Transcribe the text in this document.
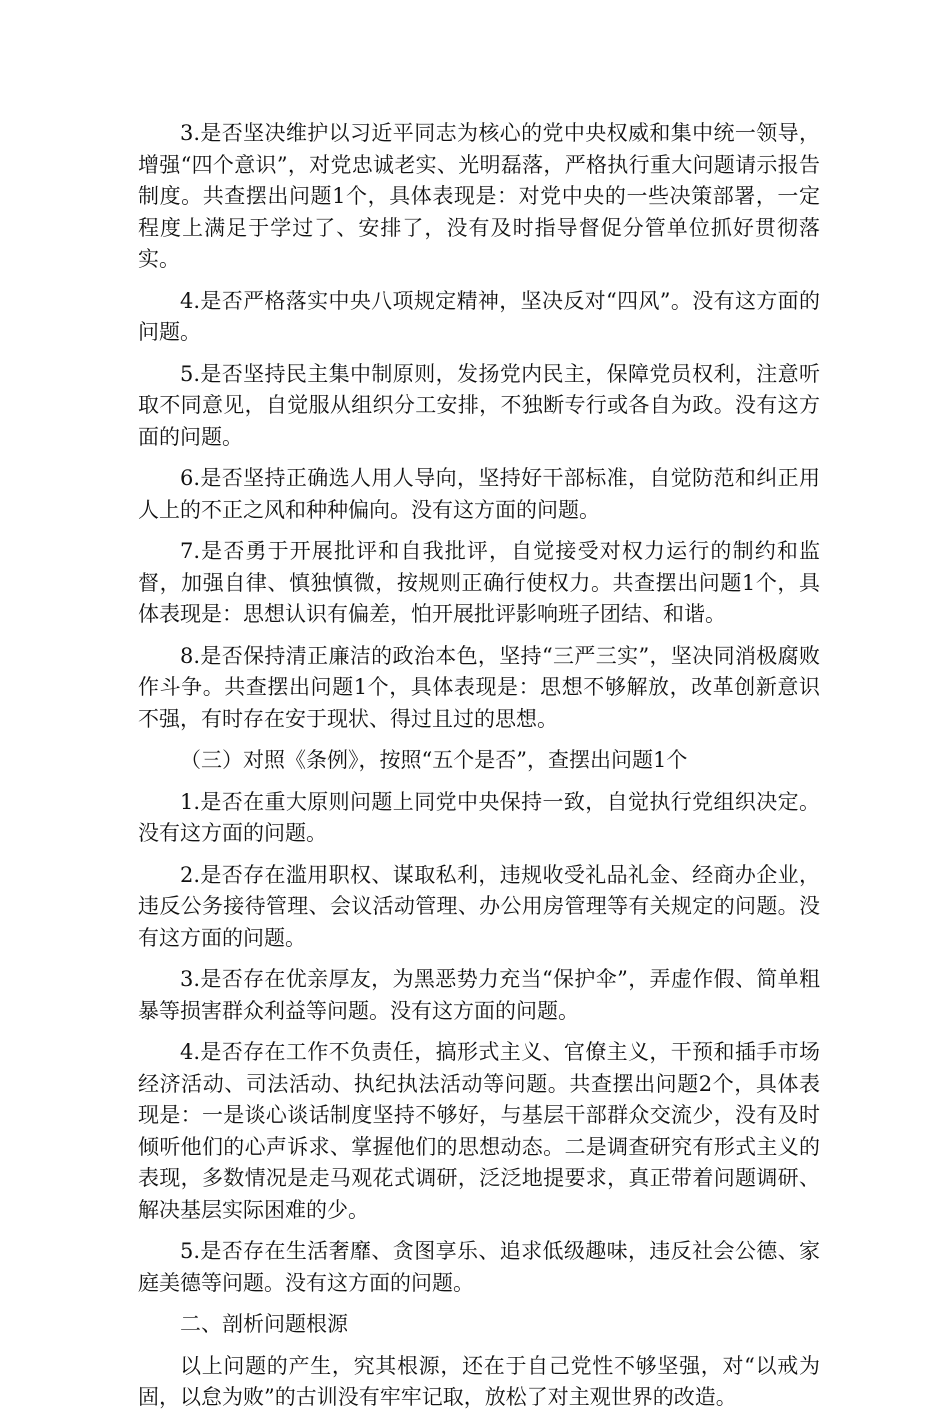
3.是否坚决维护以习近平同志为核心的党中央权威和集中统一领导，增强“四个意识”，对党忠诚老实、光明磊落，严格执行重大问题请示报告制度。共查摆出问题1个，具体表现是：对党中央的一些决策部署，一定程度上满足于学过了、安排了，没有及时指导督促分管单位抓好贯彻落实。

4.是否严格落实中央八项规定精神，坚决反对“四风”。没有这方面的问题。

5.是否坚持民主集中制原则，发扬党内民主，保障党员权利，注意听取不同意见，自觉服从组织分工安排，不独断专行或各自为政。没有这方面的问题。

6.是否坚持正确选人用人导向，坚持好干部标准，自觉防范和纠正用人上的不正之风和种种偏向。没有这方面的问题。

7.是否勇于开展批评和自我批评，自觉接受对权力运行的制约和监督，加强自律、慎独慎微，按规则正确行使权力。共查摆出问题1个，具体表现是：思想认识有偏差，怕开展批评影响班子团结、和谐。

8.是否保持清正廉洁的政治本色，坚持“三严三实”，坚决同消极腐败作斗争。共查摆出问题1个，具体表现是：思想不够解放，改革创新意识不强，有时存在安于现状、得过且过的思想。

（三）对照《条例》，按照“五个是否”，查摆出问题1个

1.是否在重大原则问题上同党中央保持一致，自觉执行党组织决定。没有这方面的问题。

2.是否存在滥用职权、谋取私利，违规收受礼品礼金、经商办企业，违反公务接待管理、会议活动管理、办公用房管理等有关规定的问题。没有这方面的问题。

3.是否存在优亲厚友，为黑恶势力充当“保护伞”，弄虚作假、简单粗暴等损害群众利益等问题。没有这方面的问题。

4.是否存在工作不负责任，搞形式主义、官僚主义，干预和插手市场经济活动、司法活动、执纪执法活动等问题。共查摆出问题2个，具体表现是：一是谈心谈话制度坚持不够好，与基层干部群众交流少，没有及时倾听他们的心声诉求、掌握他们的思想动态。二是调查研究有形式主义的表现，多数情况是走马观花式调研，泛泛地提要求，真正带着问题调研、解决基层实际困难的少。

5.是否存在生活奢靡、贪图享乐、追求低级趣味，违反社会公德、家庭美德等问题。没有这方面的问题。

二、剖析问题根源

以上问题的产生，究其根源，还在于自己党性不够坚强，对“以戒为固，以怠为败”的古训没有牢牢记取，放松了对主观世界的改造。
